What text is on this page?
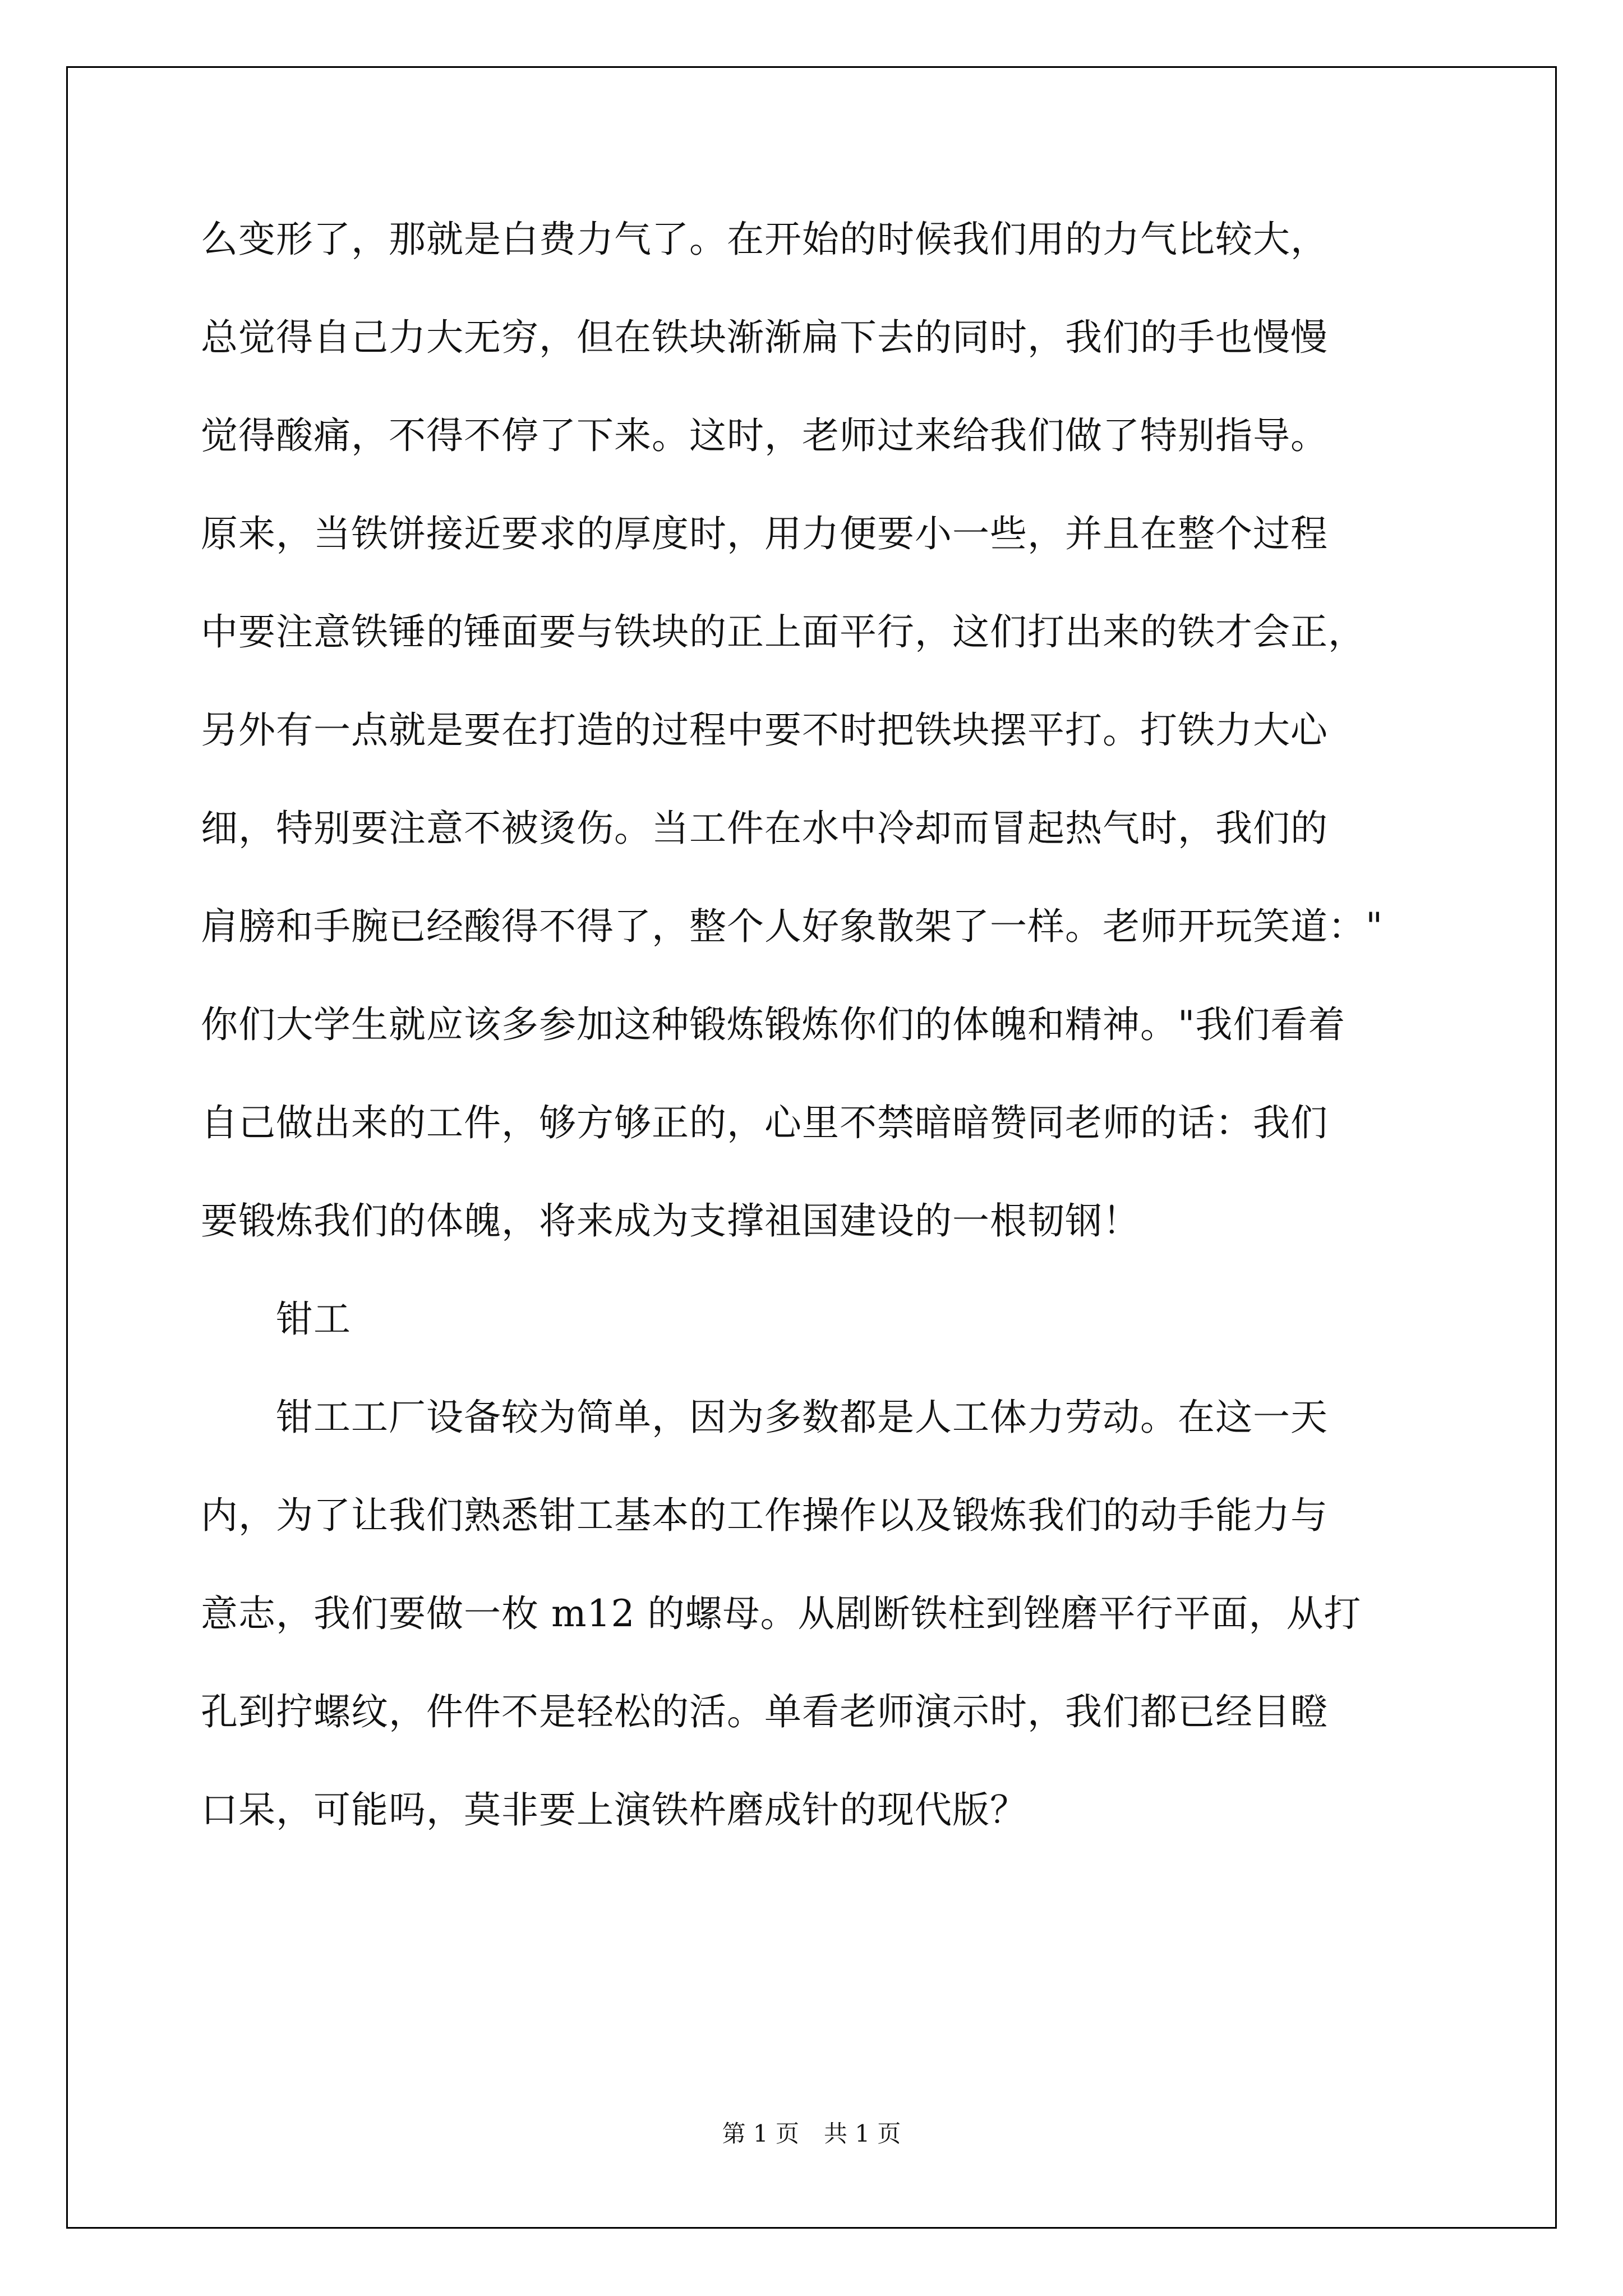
么变形了，那就是白费力气了。在开始的时候我们用的力气比较大，
总觉得自己力大无穷，但在铁块渐渐扁下去的同时，我们的手也慢慢
觉得酸痛，不得不停了下来。这时，老师过来给我们做了特别指导。
原来，当铁饼接近要求的厚度时，用力便要小一些，并且在整个过程
中要注意铁锤的锤面要与铁块的正上面平行，这们打出来的铁才会正，
另外有一点就是要在打造的过程中要不时把铁块摆平打。打铁力大心
细，特别要注意不被烫伤。当工件在水中冷却而冒起热气时，我们的
肩膀和手腕已经酸得不得了，整个人好象散架了一样。老师开玩笑道："
你们大学生就应该多参加这种锻炼锻炼你们的体魄和精神。"我们看着
自己做出来的工件，够方够正的，心里不禁暗暗赞同老师的话：我们
要锻炼我们的体魄，将来成为支撑祖国建设的一根韧钢！
　　钳工
　　钳工工厂设备较为简单，因为多数都是人工体力劳动。在这一天
内，为了让我们熟悉钳工基本的工作操作以及锻炼我们的动手能力与
意志，我们要做一枚 m12 的螺母。从剧断铁柱到锉磨平行平面，从打
孔到拧螺纹，件件不是轻松的活。单看老师演示时，我们都已经目瞪
口呆，可能吗，莫非要上演铁杵磨成针的现代版？
第 1 页 共 1 页
